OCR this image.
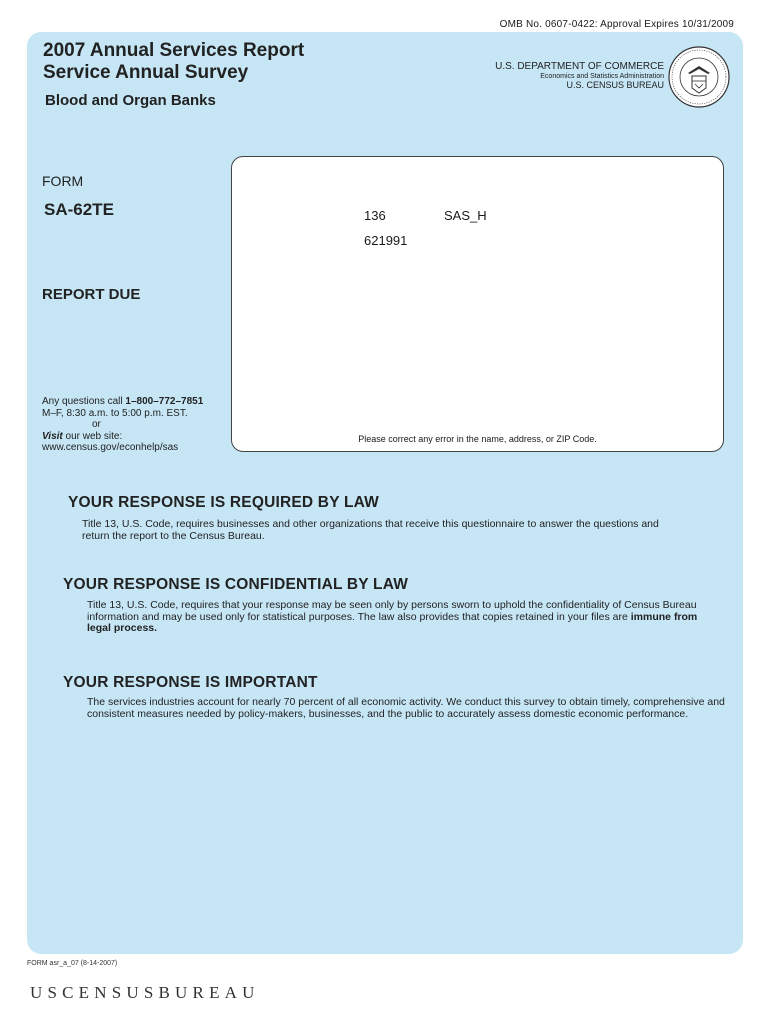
OMB No. 0607-0422: Approval Expires 10/31/2009
2007 Annual Services Report
Service Annual Survey
Blood and Organ Banks
U.S. DEPARTMENT OF COMMERCE
Economics and Statistics Administration
U.S. CENSUS BUREAU
FORM
SA-62TE
REPORT DUE
Any questions call 1–800–772–7851
M–F, 8:30 a.m. to 5:00 p.m. EST.
or
Visit our web site:
www.census.gov/econhelp/sas
136	SAS_H
621991
Please correct any error in the name, address, or ZIP Code.
YOUR RESPONSE IS REQUIRED BY LAW
Title 13, U.S. Code, requires businesses and other organizations that receive this questionnaire to answer the questions and return the report to the Census Bureau.
YOUR RESPONSE IS CONFIDENTIAL BY LAW
Title 13, U.S. Code, requires that your response may be seen only by persons sworn to uphold the confidentiality of Census Bureau information and may be used only for statistical purposes. The law also provides that copies retained in your files are immune from legal process.
YOUR RESPONSE IS IMPORTANT
The services industries account for nearly 70 percent of all economic activity. We conduct this survey to obtain timely, comprehensive and consistent measures needed by policy-makers, businesses, and the public to accurately assess domestic economic performance.
FORM asr_a_07 (8-14-2007)
USCENSUSBUREAU
